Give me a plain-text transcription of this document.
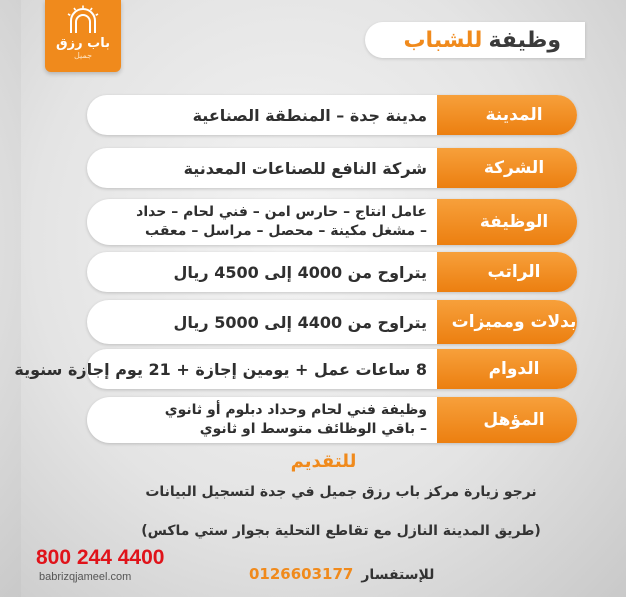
باب رزق
جميل
وظيفة
للشباب
المدينة
مدينة جدة – المنطقة الصناعية
الشركة
شركة النافع للصناعات المعدنية
الوظيفة
عامل انتاج – حارس امن – فني لحام – حداد
– مشغل مكينة – محصل – مراسل – معقب
الراتب
يتراوح من 4000 إلى 4500 ريال
بدلات ومميزات
يتراوح من 4400 إلى 5000 ريال
الدوام
8 ساعات عمل + يومين إجازة + 21 يوم إجازة سنوية
المؤهل
وظيفة فني لحام وحداد دبلوم أو ثانوي
– باقي الوظائف متوسط او ثانوي
للتقديم
نرجو زيارة مركز باب رزق جميل في جدة لتسجيل البيانات
(طريق المدينة النازل مع تقاطع التحلية بجوار ستي ماكس)
للإستفسار
0126603177
800 244 4400
babrizqjameel.com
